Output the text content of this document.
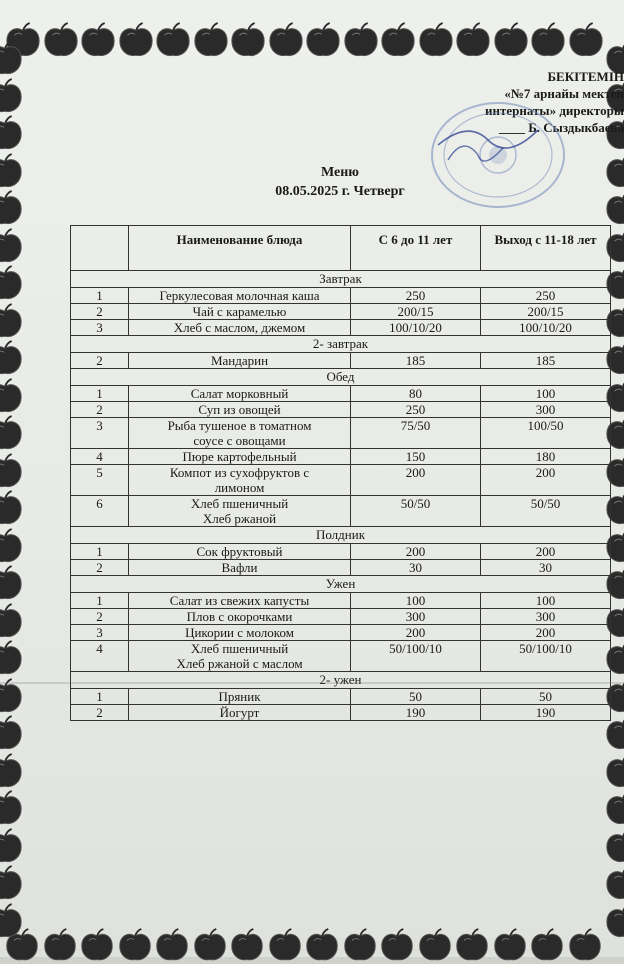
БЕКІТЕМІН
«№7 арнайы мектеп
интернаты» директоры
____ Б. Сыздыкбаева
Меню
08.05.2025 г. Четверг
	Наименование блюда	С 6 до 11 лет	Выход с 11-18 лет
Завтрак			
1	Геркулесовая молочная каша	250	250
2	Чай с карамелью	200/15	200/15
3	Хлеб с маслом, джемом	100/10/20	100/10/20
2- завтрак			
2	Мандарин	185	185
Обед			
1	Салат морковный	80	100
2	Суп из овощей	250	300
3	Рыба тушеное в томатном
соусе с овощами	75/50	100/50
4	Пюре картофельный	150	180
5	Компот из сухофруктов с
лимоном	200	200
6	Хлеб пшеничный
Хлеб ржаной	50/50	50/50
Полдник			
1	Сок фруктовый	200	200
2	Вафли	30	30
Ужен			
1	Салат из свежих капусты	100	100
2	Плов с окорочками	300	300
3	Цикории с молоком	200	200
4	Хлеб пшеничный
Хлеб ржаной с маслом	50/100/10	50/100/10
2- ужен			
1	Пряник	50	50
2	Йогурт	190	190
